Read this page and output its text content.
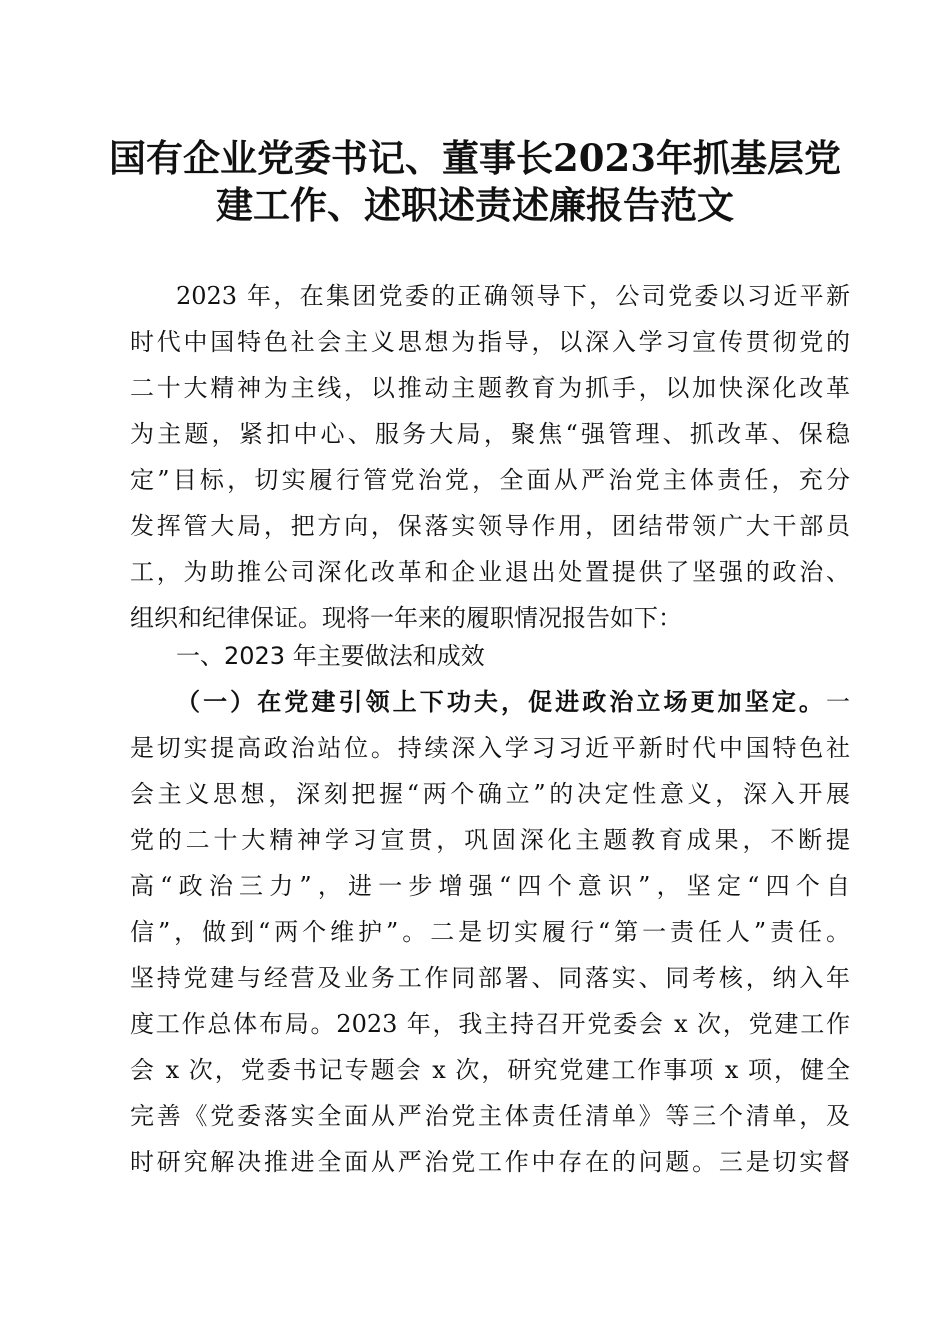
国有企业党委书记、董事长2023年抓基层党
建工作、述职述责述廉报告范文

2023 年，在集团党委的正确领导下，公司党委以习近平新

时代中国特色社会主义思想为指导，以深入学习宣传贯彻党的

二十大精神为主线，以推动主题教育为抓手，以加快深化改革

为主题，紧扣中心、服务大局，聚焦“强管理、抓改革、保稳

定”目标，切实履行管党治党，全面从严治党主体责任，充分

发挥管大局，把方向，保落实领导作用，团结带领广大干部员

工，为助推公司深化改革和企业退出处置提供了坚强的政治、

组织和纪律保证。现将一年来的履职情况报告如下：

一、2023 年主要做法和成效

（一）在党建引领上下功夫，促进政治立场更加坚定。一

是切实提高政治站位。持续深入学习习近平新时代中国特色社

会主义思想，深刻把握“两个确立”的决定性意义，深入开展

党的二十大精神学习宣贯，巩固深化主题教育成果，不断提

高“政治三力”，进一步增强“四个意识”，坚定“四个自

信”，做到“两个维护”。二是切实履行“第一责任人”责任。

坚持党建与经营及业务工作同部署、同落实、同考核，纳入年

度工作总体布局。2023 年，我主持召开党委会 x 次，党建工作

会 x 次，党委书记专题会 x 次，研究党建工作事项 x 项，健全

完善《党委落实全面从严治党主体责任清单》等三个清单，及

时研究解决推进全面从严治党工作中存在的问题。三是切实督
